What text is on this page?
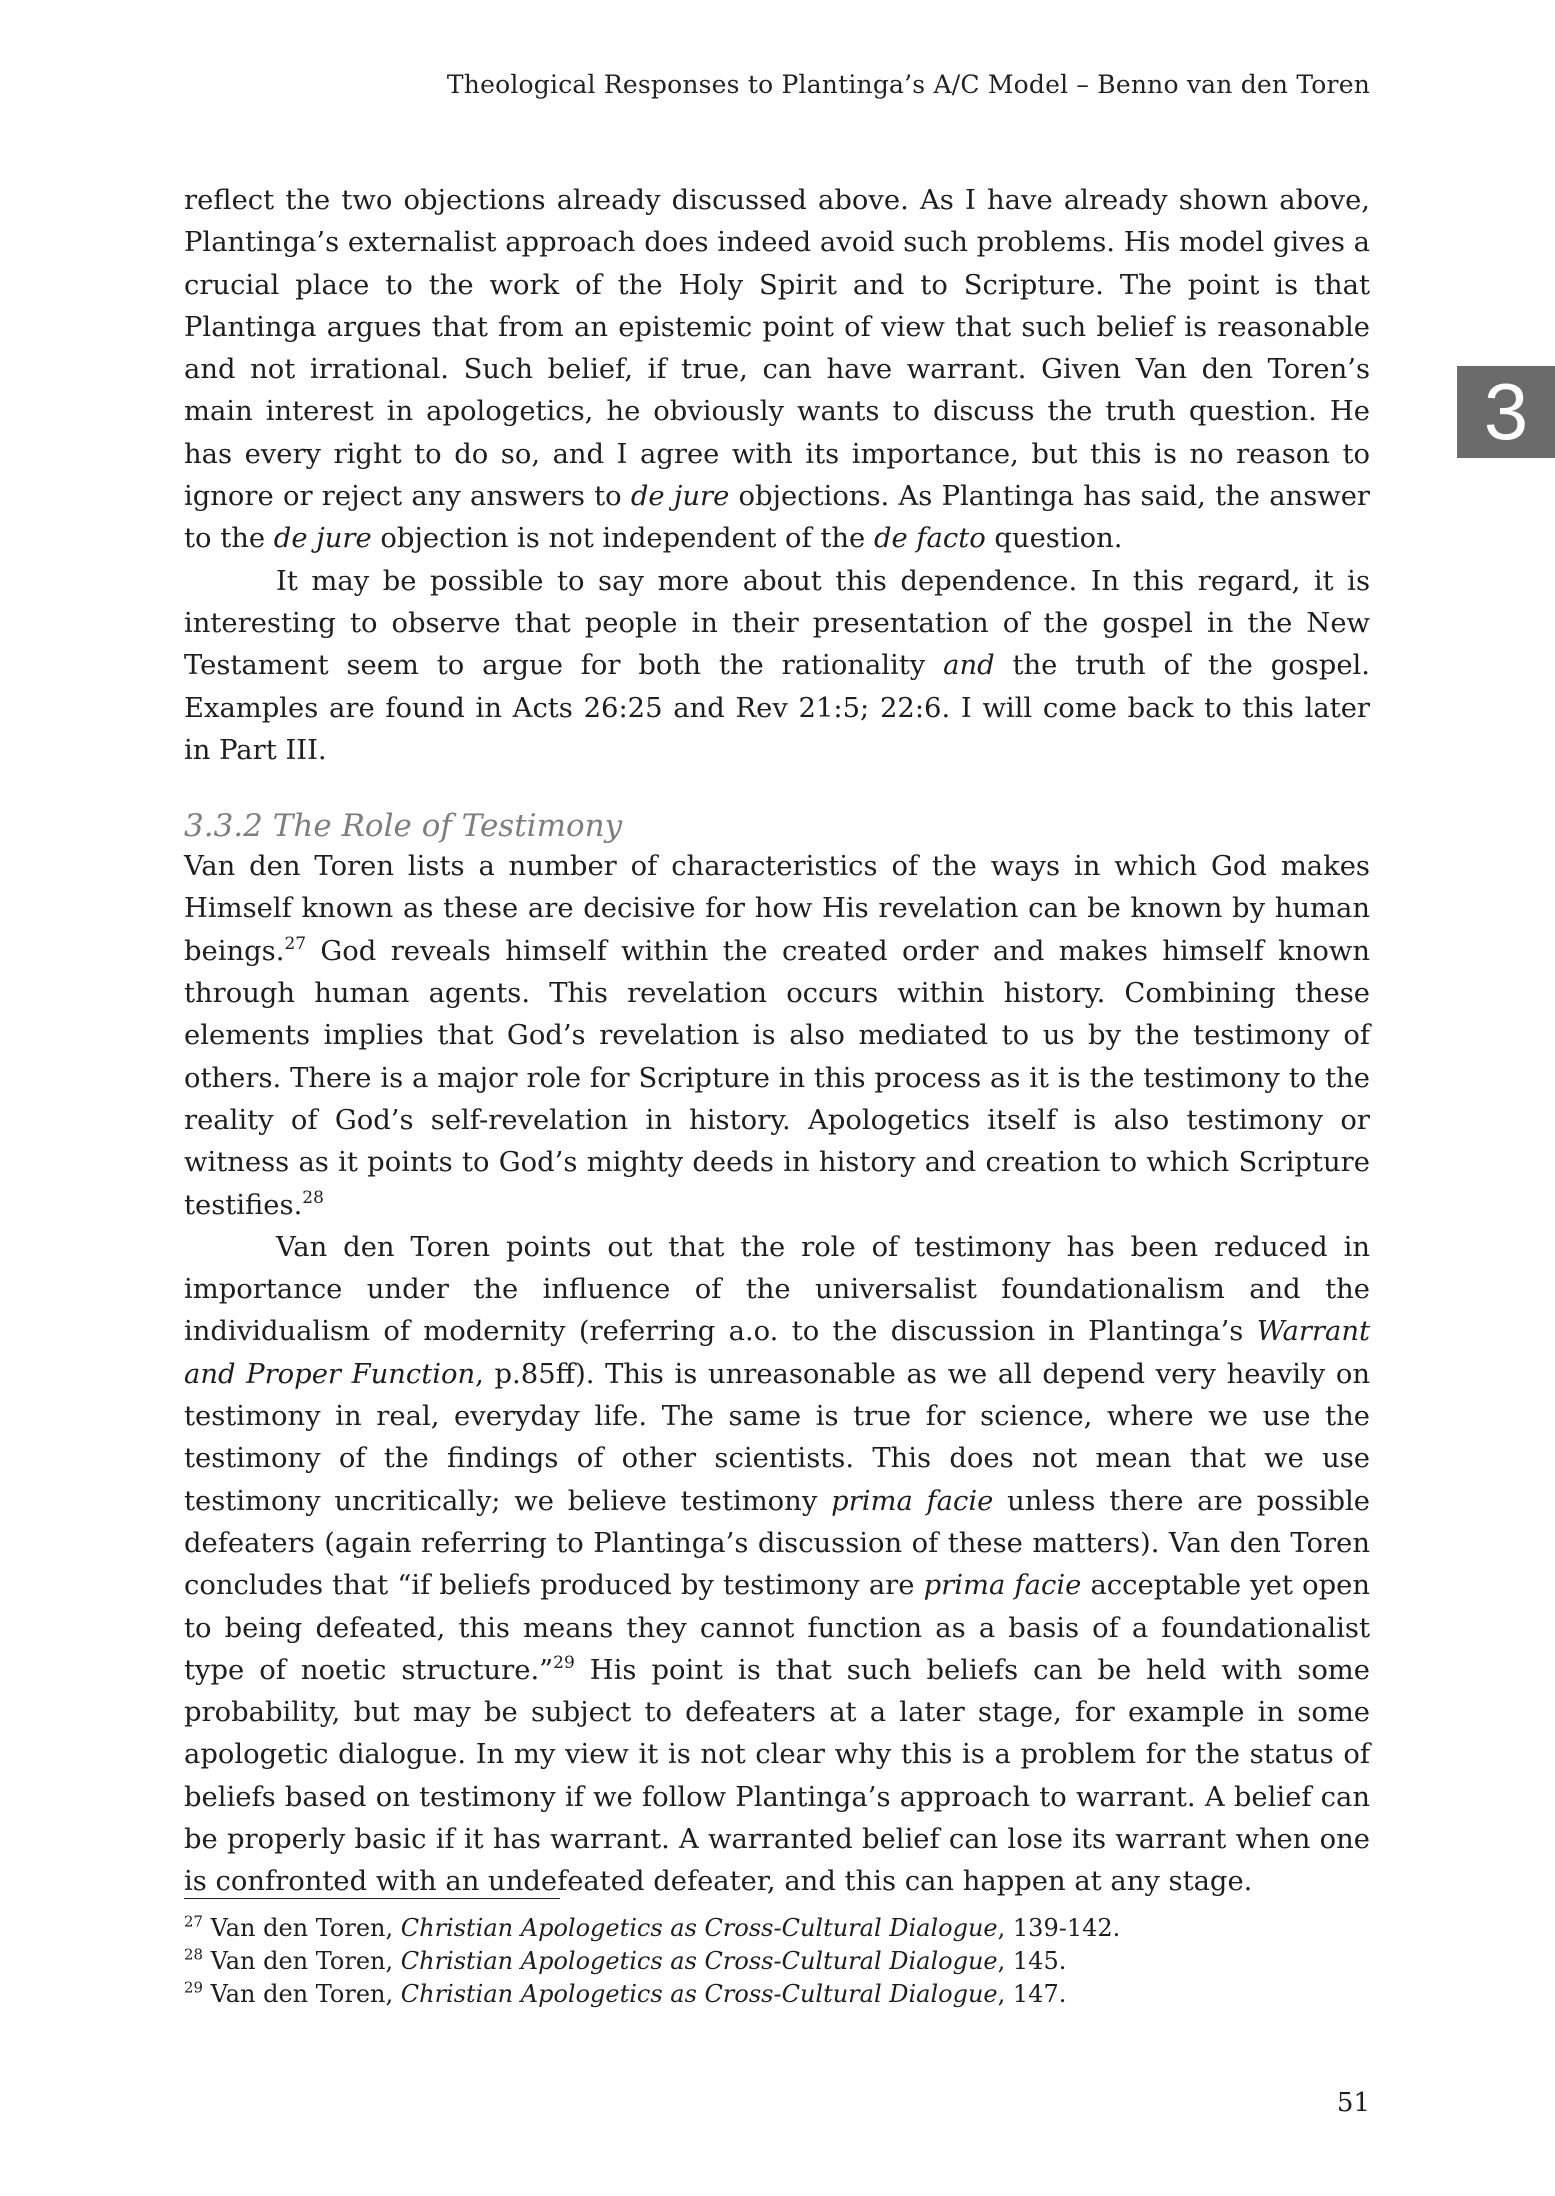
Theological Responses to Plantinga’s A/C Model – Benno van den Toren
3

reflect the two objections already discussed above. As I have already shown above, Plantinga’s externalist approach does indeed avoid such problems. His model gives a crucial place to the work of the Holy Spirit and to Scripture. The point is that Plantinga argues that from an epistemic point of view that such belief is reasonable and not irrational. Such belief, if true, can have warrant. Given Van den Toren’s main interest in apologetics, he obviously wants to discuss the truth question. He has every right to do so, and I agree with its importance, but this is no reason to ignore or reject any answers to de jure objections. As Plantinga has said, the answer to the de jure objection is not independent of the de facto question.

It may be possible to say more about this dependence. In this regard, it is interesting to observe that people in their presentation of the gospel in the New Testament seem to argue for both the rationality and the truth of the gospel. Examples are found in Acts 26:25 and Rev 21:5; 22:6. I will come back to this later in Part III.

3.3.2 The Role of Testimony

Van den Toren lists a number of characteristics of the ways in which God makes Himself known as these are decisive for how His revelation can be known by human beings.$^{27}$ God reveals himself within the created order and makes himself known through human agents. This revelation occurs within history. Combining these elements implies that God’s revelation is also mediated to us by the testimony of others. There is a major role for Scripture in this process as it is the testimony to the reality of God’s self-revelation in history. Apologetics itself is also testimony or witness as it points to God’s mighty deeds in history and creation to which Scripture testifies.$^{28}$

Van den Toren points out that the role of testimony has been reduced in importance under the influence of the universalist foundationalism and the individualism of modernity (referring a.o. to the discussion in Plantinga’s Warrant and Proper Function, p.85ff). This is unreasonable as we all depend very heavily on testimony in real, everyday life. The same is true for science, where we use the testimony of the findings of other scientists. This does not mean that we use testimony uncritically; we believe testimony prima facie unless there are possible defeaters (again referring to Plantinga’s discussion of these matters). Van den Toren concludes that “if beliefs produced by testimony are prima facie acceptable yet open to being defeated, this means they cannot function as a basis of a foundationalist type of noetic structure.”$^{29}$ His point is that such beliefs can be held with some probability, but may be subject to defeaters at a later stage, for example in some apologetic dialogue. In my view it is not clear why this is a problem for the status of beliefs based on testimony if we follow Plantinga’s approach to warrant. A belief can be properly basic if it has warrant. A warranted belief can lose its warrant when one is confronted with an undefeated defeater, and this can happen at any stage.

$^{27}$ Van den Toren, Christian Apologetics as Cross-Cultural Dialogue, 139-142.

$^{28}$ Van den Toren, Christian Apologetics as Cross-Cultural Dialogue, 145.

$^{29}$ Van den Toren, Christian Apologetics as Cross-Cultural Dialogue, 147.

51
